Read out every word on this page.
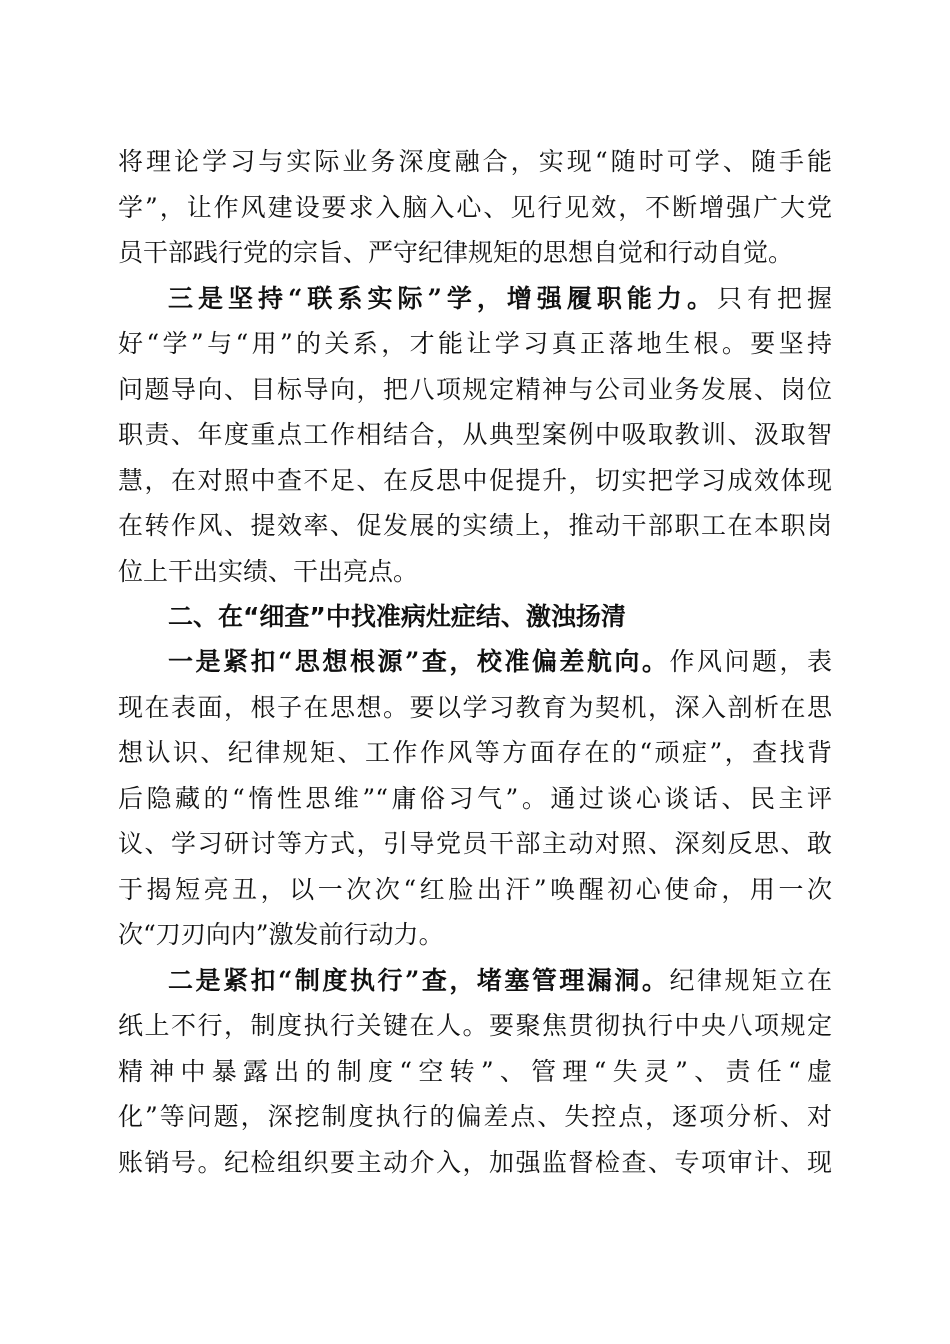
将理论学习与实际业务深度融合，实现“随时可学、随手能
学”，让作风建设要求入脑入心、见行见效，不断增强广大党
员干部践行党的宗旨、严守纪律规矩的思想自觉和行动自觉。
三是坚持“联系实际”学，增强履职能力。只有把握
好“学”与“用”的关系，才能让学习真正落地生根。要坚持
问题导向、目标导向，把八项规定精神与公司业务发展、岗位
职责、年度重点工作相结合，从典型案例中吸取教训、汲取智
慧，在对照中查不足、在反思中促提升，切实把学习成效体现
在转作风、提效率、促发展的实绩上，推动干部职工在本职岗
位上干出实绩、干出亮点。
二、在“细查”中找准病灶症结、激浊扬清
一是紧扣“思想根源”查，校准偏差航向。作风问题，表
现在表面，根子在思想。要以学习教育为契机，深入剖析在思
想认识、纪律规矩、工作作风等方面存在的“顽症”，查找背
后隐藏的“惰性思维”“庸俗习气”。通过谈心谈话、民主评
议、学习研讨等方式，引导党员干部主动对照、深刻反思、敢
于揭短亮丑，以一次次“红脸出汗”唤醒初心使命，用一次
次“刀刃向内”激发前行动力。
二是紧扣“制度执行”查，堵塞管理漏洞。纪律规矩立在
纸上不行，制度执行关键在人。要聚焦贯彻执行中央八项规定
精神中暴露出的制度“空转”、管理“失灵”、责任“虚
化”等问题，深挖制度执行的偏差点、失控点，逐项分析、对
账销号。纪检组织要主动介入，加强监督检查、专项审计、现
